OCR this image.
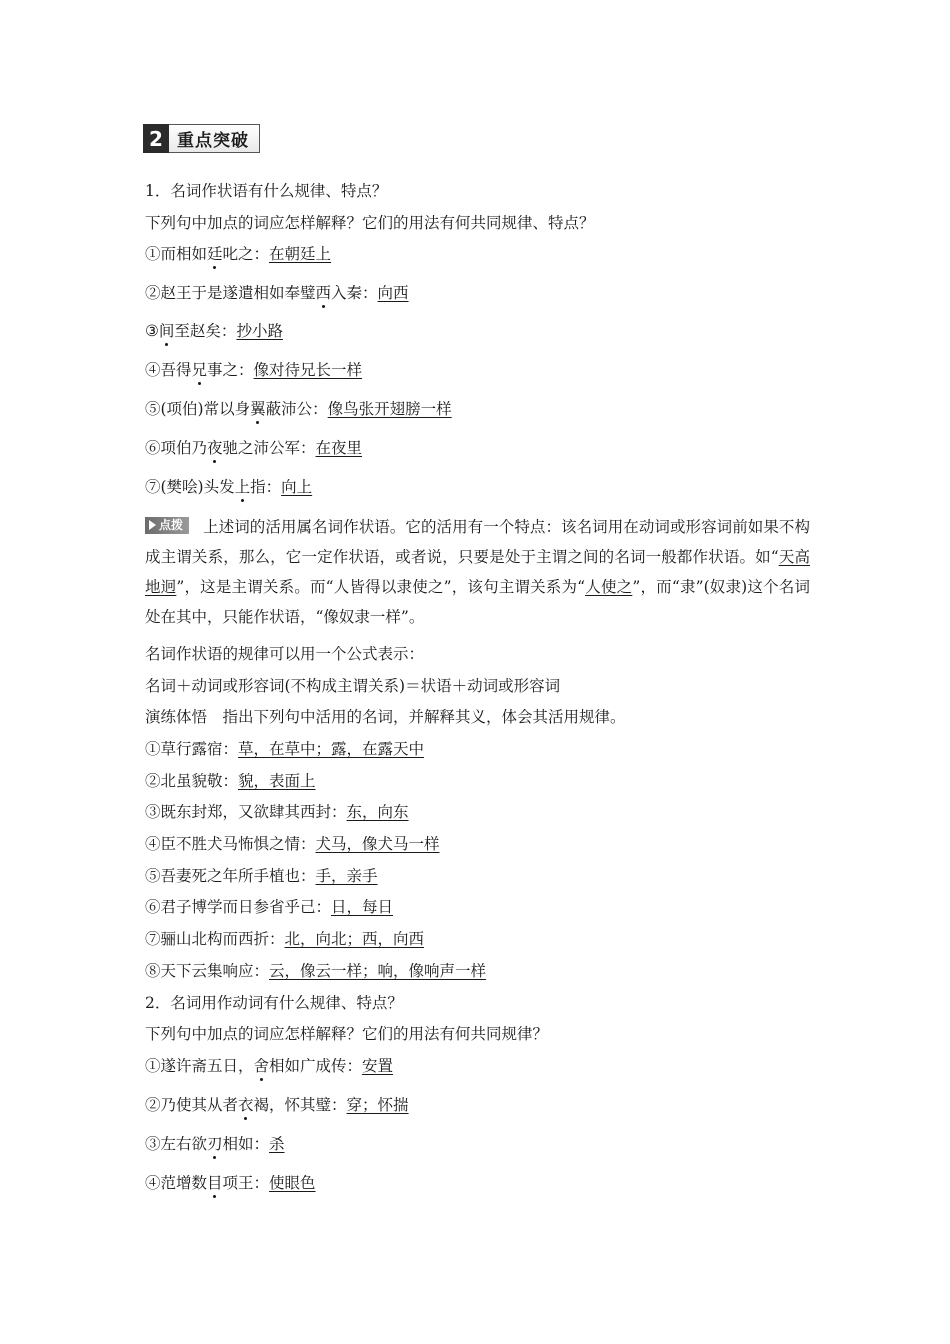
2 重点突破
1．名词作状语有什么规律、特点？
下列句中加点的词应怎样解释？它们的用法有何共同规律、特点？
①而相如廷叱之：在朝廷上
②赵王于是遂遣相如奉璧西入秦：向西
③间至赵矣：抄小路
④吾得兄事之：像对待兄长一样
⑤(项伯)常以身翼蔽沛公：像鸟张开翅膀一样
⑥项伯乃夜驰之沛公军：在夜里
⑦(樊哙)头发上指：向上
点拨 上述词的活用属名词作状语。它的活用有一个特点：该名词用在动词或形容词前如果不构成主谓关系，那么，它一定作状语，或者说，只要是处于主谓之间的名词一般都作状语。如“天高地迥”，这是主谓关系。而“人皆得以隶使之”，该句主谓关系为“人使之”，而“隶”(奴隶)这个名词处在其中，只能作状语，“像奴隶一样”。
名词作状语的规律可以用一个公式表示：
名词＋动词或形容词(不构成主谓关系)＝状语＋动词或形容词
演练体悟　指出下列句中活用的名词，并解释其义，体会其活用规律。
①草行露宿：草，在草中；露，在露天中
②北虽貌敬：貌，表面上
③既东封郑，又欲肆其西封：东，向东
④臣不胜犬马怖惧之情：犬马，像犬马一样
⑤吾妻死之年所手植也：手，亲手
⑥君子博学而日参省乎己：日，每日
⑦骊山北构而西折：北，向北；西，向西
⑧天下云集响应：云，像云一样；响，像响声一样
2．名词用作动词有什么规律、特点？
下列句中加点的词应怎样解释？它们的用法有何共同规律？
①遂许斋五日，舍相如广成传：安置
②乃使其从者衣褐，怀其璧：穿；怀揣
③左右欲刃相如：杀
④范增数目项王：使眼色
